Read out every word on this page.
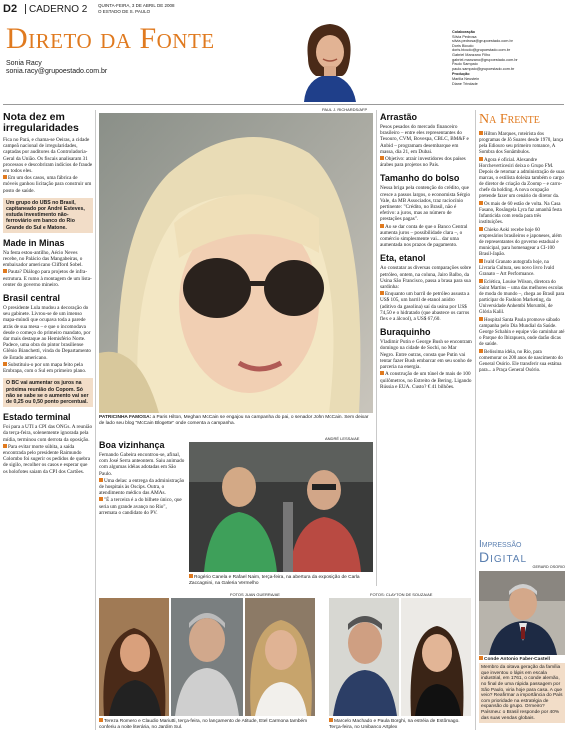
D2 CADERNO 2 QUINTA-FEIRA, 3 DE ABRIL DE 2008
O ESTADO DE S. PAULO
Direto da Fonte
Sonia Racy
sonia.racy@grupoestado.com.br
Colaboração
Sílvia Pedrosa
silvia.pedrosa@grupoestado.com.br
Doris Bicudo
doris.bicudo@grupoestado.com.br
Gabriel Manzano Filho
gabriel.manzano@grupoestado.com.br
Paulo Sampaio
paulo.sampaio@grupoestado.com.br
Produção
Marilia Neustein
Diane Trindade
Nota dez em irregularidades

Fica no Pará, e chama-se Oeiras, a cidade campeã nacional de irregularidades, captadas por auditores da Controladoria-Geral da União. Os fiscais analisaram 31 processos e descobriram indícios de fraude em todos eles.

Em um dos casos, uma fábrica de móveis ganhou licitação para construir um posto de saúde.

Um grupo do UBS no Brasil, capitaneado por André Esteves, estuda investimento não-ferroviário em banco do Rio Grande do Sul e Matone.
Made in Minas

Na festa estou-antilho, Aécio Neves recebe, no Palácio das Mangabeiras, o embaixador americano Clifford Sobel.

Pauta? Diálogo para projetos de infra-estrutura. E rumo à montagem de um lista-center do governo mineiro.

Brasil central

O presidente Lula mudou a decoração do seu gabinete. Livrou-se de um imenso mapa-múndi que ocupava toda a parede atrás de sua mesa – e que o incomodava desde o começo do primeiro mandato, por dar mais destaque ao Hemisfério Norte. Padece, uma obra do pintor brasiliense Glênio Bianchetti, vinda do Departamento de Estado americano.

Substituiu-o por um mapa feito pela Embrapa, com o Sul em primeiro plano.

O BC vai aumentar os juros na próxima reunião do Copom. Só não se sabe se o aumento vai ser de 0,25 ou 0,50 ponto percentual.
Estado terminal

Foi para a UTI a CPI das ONGs. A reunião da terça-feira, solenemente ignorada pela mídia, terminou com derrota da oposição.

Para evitar morte súbita, a saída encontrada pelo presidente Raimundo Colombo foi sugerir os pedidos de quebra de sigilo, recolher os casos e esperar que os holofotes saiam da CPI dos Cartões.

PAUL J. RICHARDS/AFP
PATRICINHA FAMOSA: a Paris Hilton, Meghan McCain se engajou na campanha do pai, o senador John McCain. Sem deixar de lado seu blog "McCain Blogette" onde comenta a campanha.
Boa vizinhança

Fernando Gabeira encontrou-se, afinal, com José Serra anteontem. Saiu animado com algumas idéias adotadas em São Paulo.

Uma delas: a entrega da administração de hospitais às Oscips. Outra, o atendimento médico das AMAs.

"É a terceira é a do bilhete único, que seria um grande avanço no Rio", arremata o candidato do PV.

ANDRÉ LESSA/AE
Rogério Canela e Rafael Naim, terça-feira, na abertura da exposição de Carla Zaccagnini, na Galeria Vermelho
FOTOS JUAN GUERRA/AE
Tereza Romero e Claudio Mariutti, terça-feira, no lançamento de Atitude, Etel Carmona também conferiu a noite literária, no Jardim Sul.
FOTOS: CLAYTON DE SOUZA/AE
Marcelo Machado e Paula Borghi, na estréia de Estômago. Terça-feira, no Unibanco Artplex
Arrastão

Pesos pesados do mercado financeiro brasileiro – entre eles representantes do Tesouro, CVM, Bovespa, CBLC, BM&F e Anbid – programam desembarque em massa, dia 21, em Dubai.

Objetivo: atrair investidores dos países árabes para projetos no País.

Tamanho do bolso

Nessa briga pela contenção do crédito, que cresce a passos largos, o economista Sérgio Vale, da MB Associados, traz raciocínio pertinente: "Crédito, no Brasil, não é efetivo: a juros, mas ao número de prestações pagas".

Ao se dar conta de que o Banco Central aumenta juros – possibilidade clara –, o comércio simplesmente vai... dar uma aumentada nos prazos de pagamento.

Eta, etanol

Ao constatar as diversas comparações sobre petróleo, ontem, na coluna, Jairo Balbo, da Usina São Francisco, passa a brasa para sua sardinha:

Enquanto um barril de petróleo assusta a US$ 105, um barril de etanol anidro (aditivo da gasolina) saí da usina por US$ 74,50 e o hidratado (que abastece os carros flex e a álcool), a US$ 67,60.

Buraquinho

Vladimir Putin e George Bush se encontram domingo na cidade de Sochi, no Mar Negro. Entre outras, consta que Putin vai tentar fazer Bush embarcar em seu sonho de parceria na energia.

A construção de um túnel de mais de 100 quilômetros, no Estreito de Bering. Ligando Rússia e EUA. Custo? € 41 bilhões.

Na Frente

Hilton Marques, roteirista dos programas de Jô Soares desde 1970, lança pela Ediouro seu primeiro romance, A Sombra dos Sonâmbulos.

Agora é oficial. Alexandre Horcheverticesiri deixa o Grupo FM. Depois de retomar a administração de suas marcas, o estilista doleiza também o cargo de diretor de criação da Zoomp – e carro-chefe da holding. A nova ocupação pretende fazer um cenário do diretor da.

Os mais de 60 estão de volta. Na Casa Fasano, Rosângela Lyra faz amanhã festa Infanticida com renda para três instituições.

Chieko Aoki recebe hoje 60 empresários brasileiros e japoneses, além de representantes do governo estadual e municipal, para homenagear a CI-100 Brasil-Japão.

Ivald Granato autografa hoje, na Livraria Cultura, seu novo livro Ivald Granato – Art Performance.

Eclética, Louise Wilson, diretora do Saint Martins – uma das melhores escolas de moda do mundo –, chega ao Brasil para participar do Fashion Marketing, da Universidade Anhembi Morumbi, de Glória Kalil.

Hospital Santa Paula promove sábado campanha pelo Dia Mundial da Saúde. George Schahin e equipe vão caminhar até o Parque do Ibirapuera, onde darão dicas de saúde.

Belíssima idéia, no Rio, para comemorar os 200 anos de nascimento do General Osório. Ele transferir sua estátua para... a Praça General Osório.

Impressão
Digital
GERARD OSORIO
Conde Antonio Faber-Castell
Membro da oitava geração da família que inventou o lápis em escala industrial, em 1761, o conde alemão, no final de uma rápida passagem por São Paulo, viria hoje para casa. A que veio? Reafirmar a importância do País com prioridade na estratégia de expansão do grupo. Ormeiro? Paísmeu: o Brasil responde por 40% das suas vendas globais.
